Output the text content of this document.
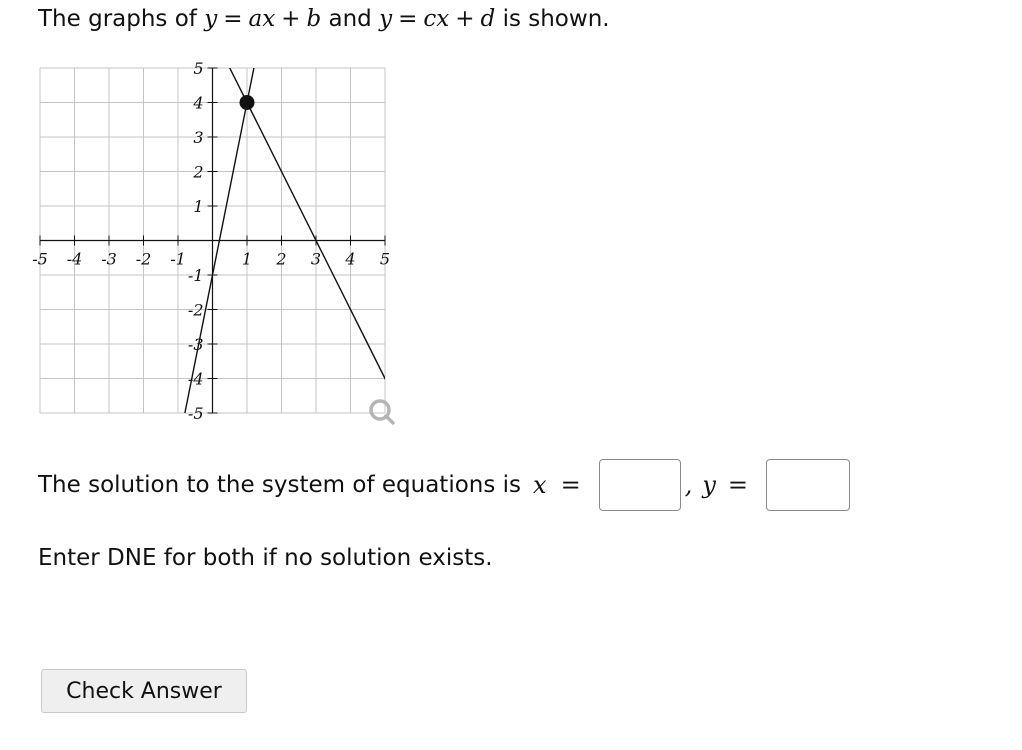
The graphs of y = ax + b and y = cx + d is shown.
-5 -4 -3 -2 -1	1 2 3 4 5
-5
-4
-3
-2
-1
1
2
3
4
5
The solution to the system of equations is x =	, y =
Enter DNE for both if no solution exists.
Check Answer
